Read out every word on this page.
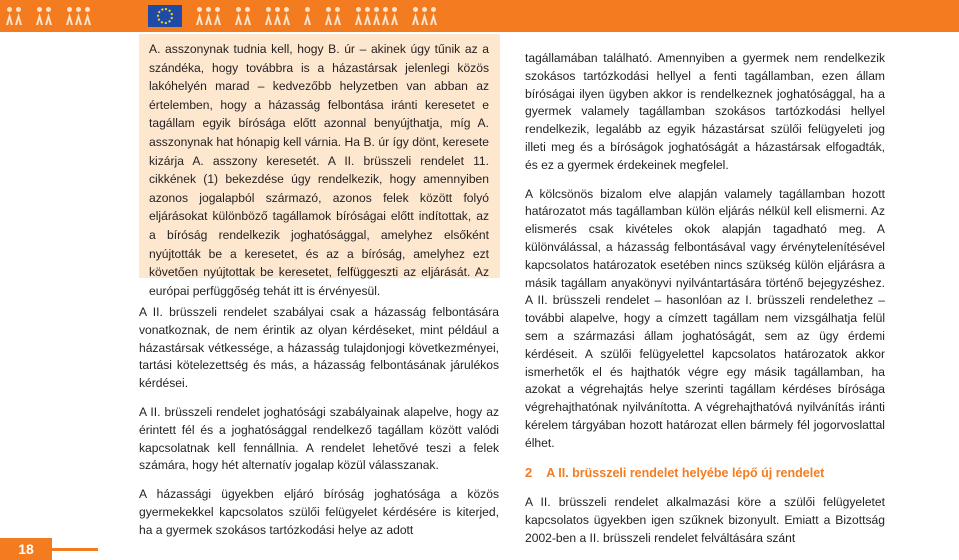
A. asszonynak tudnia kell, hogy B. úr – akinek úgy tűnik az a szándéka, hogy továbbra is a házastársak jelenlegi közös lakóhelyén marad – kedvezőbb helyzetben van abban az értelemben, hogy a házasság felbontása iránti keresetet e tagállam egyik bírósága előtt azonnal benyújthatja, míg A. asszonynak hat hónapig kell várnia. Ha B. úr így dönt, keresete kizárja A. asszony keresetét. A II. brüsszeli rendelet 11. cikkének (1) bekezdése úgy rendelkezik, hogy amennyiben azonos jogalapból származó, azonos felek között folyó eljárásokat különböző tagállamok bíróságai előtt indítottak, az a bíróság rendelkezik joghatósággal, amelyhez elsőként nyújtották be a keresetet, és az a bíróság, amelyhez ezt követően nyújtottak be keresetet, felfüggeszti az eljárását. Az európai perfüggőség tehát itt is érvényesül.

A II. brüsszeli rendelet szabályai csak a házasság felbontására vonatkoznak, de nem érintik az olyan kérdéseket, mint például a házastársak vétkessége, a házasság tulajdonjogi következményei, tartási kötelezettség és más, a házasság felbontásának járulékos kérdései.

A II. brüsszeli rendelet joghatósági szabályainak alapelve, hogy az érintett fél és a joghatósággal rendelkező tagállam között valódi kapcsolatnak kell fennállnia. A rendelet lehetővé teszi a felek számára, hogy hét alternatív jogalap közül válasszanak.

A házassági ügyekben eljáró bíróság joghatósága a közös gyermekekkel kapcsolatos szülői felügyelet kérdésére is kiterjed, ha a gyermek szokásos tartózkodási helye az adott

tagállamában található. Amennyiben a gyermek nem rendelkezik szokásos tartózkodási hellyel a fenti tagállamban, ezen állam bíróságai ilyen ügyben akkor is rendelkeznek joghatósággal, ha a gyermek valamely tagállamban szokásos tartózkodási hellyel rendelkezik, legalább az egyik házastársat szülői felügyeleti jog illeti meg és a bíróságok joghatóságát a házastársak elfogadták, és ez a gyermek érdekeinek megfelel.

A kölcsönös bizalom elve alapján valamely tagállamban hozott határozatot más tagállamban külön eljárás nélkül kell elismerni. Az elismerés csak kivételes okok alapján tagadható meg. A különválással, a házasság felbontásával vagy érvénytelenítésével kapcsolatos határozatok esetében nincs szükség külön eljárásra a másik tagállam anyakönyvi nyilvántartására történő bejegyzéshez. A II. brüsszeli rendelet – hasonlóan az I. brüsszeli rendelethez – további alapelve, hogy a címzett tagállam nem vizsgálhatja felül sem a származási állam joghatóságát, sem az ügy érdemi kérdéseit. A szülői felügyelettel kapcsolatos határozatok akkor ismerhetők el és hajthatók végre egy másik tagállamban, ha azokat a végrehajtás helye szerinti tagállam kérdéses bírósága végrehajthatónak nyilvánította. A végrehajthatóvá nyilvánítás iránti kérelem tárgyában hozott határozat ellen bármely fél jogorvoslattal élhet.

2 A II. brüsszeli rendelet helyébe lépő új rendelet

A II. brüsszeli rendelet alkalmazási köre a szülői felügyeletet kapcsolatos ügyekben igen szűknek bizonyult. Emiatt a Bizottság 2002-ben a II. brüsszeli rendelet felváltására szánt

18
